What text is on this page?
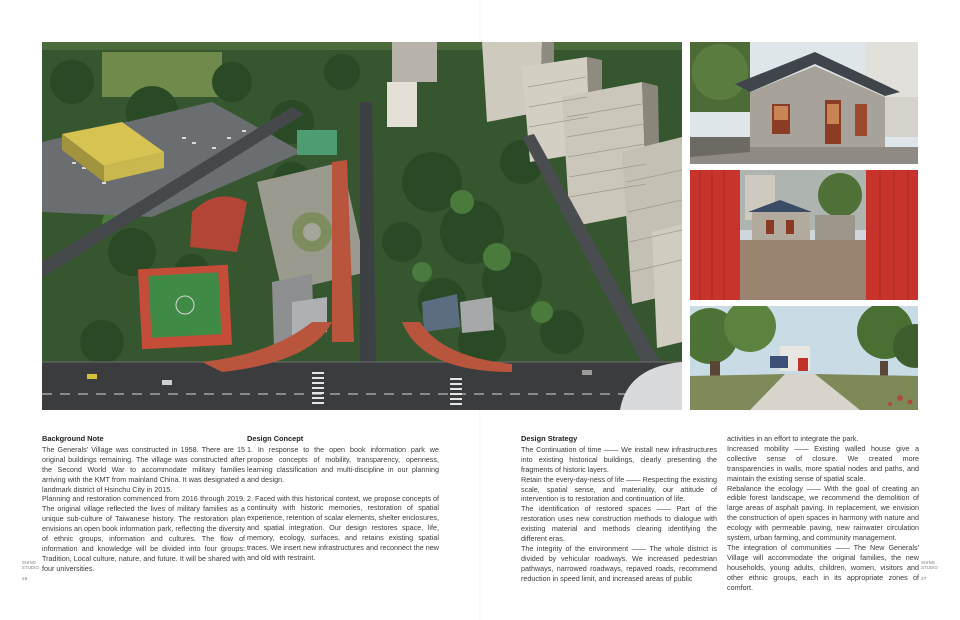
Background Note

The Generals' Village was constructed in 1958. There are 15 original buildings remaining. The village was constructed after the Second World War to accommodate military families arriving with the KMT from mainland China. It was designated a landmark district of Hsinchu City in 2015.

Planning and restoration commenced from 2016 through 2019. The original village reflected the lives of military families as a unique sub-culture of Taiwanese history. The restoration plan envisions an open book information park, reflecting the diversity of ethnic groups, information and cultures. The flow of information and knowledge will be divided into four groups: Tradition, Local culture, nature, and future. It will be shared with four universities.

Design Concept

1. In response to the open book information park we propose concepts of mobility, transparency, openness, learning classification and multi-discipline in our planning and design.

2. Faced with this historical context, we propose concepts of continuity with historic memories, restoration of spatial experience, retention of scalar elements, shelter enclosures, and spatial integration. Our design restores space, life, memory, ecology, surfaces, and retains existing spatial traces. We insert new infrastructures and reconnect the new and old with restraint.

Design Strategy

The Continuation of time —— We install new infrastructures into existing historical buildings, clearly presenting the fragments of historic layers.

Retain the every-day-ness of life —— Respecting the existing scale, spatial sense, and materiality, our attitude of intervention is to restoration and continuation of life.

The identification of restored spaces —— Part of the restoration uses new construction methods to dialogue with existing material and methods clearing identifying the different eras.

The integrity of the environment —— The whole district is divided by vehicular roadways. We increased pedestrian pathways, narrowed roadways, repaved roads, recommend reduction in speed limit, and increased areas of public

activities in an effort to integrate the park.

Increased mobility —— Existing walled house give a collective sense of closure. We created more transparencies in walls, more spatial nodes and paths, and maintain the existing sense of spatial scale.

Rebalance the ecology —— With the goal of creating an edible forest landscape, we recommend the demolition of large areas of asphalt paving. In replacement, we envision the construction of open spaces in harmony with nature and ecology with permeable paving, new rainwater circulation system, urban farming, and community management.

The integration of communities —— The New Generals' Village will accommodate the original families, the new households, young adults, children, women, visitors and other ethnic groups, each in its appropriate zones of comfort.

SHING
STUDIO
26
SHING
STUDIO
27
